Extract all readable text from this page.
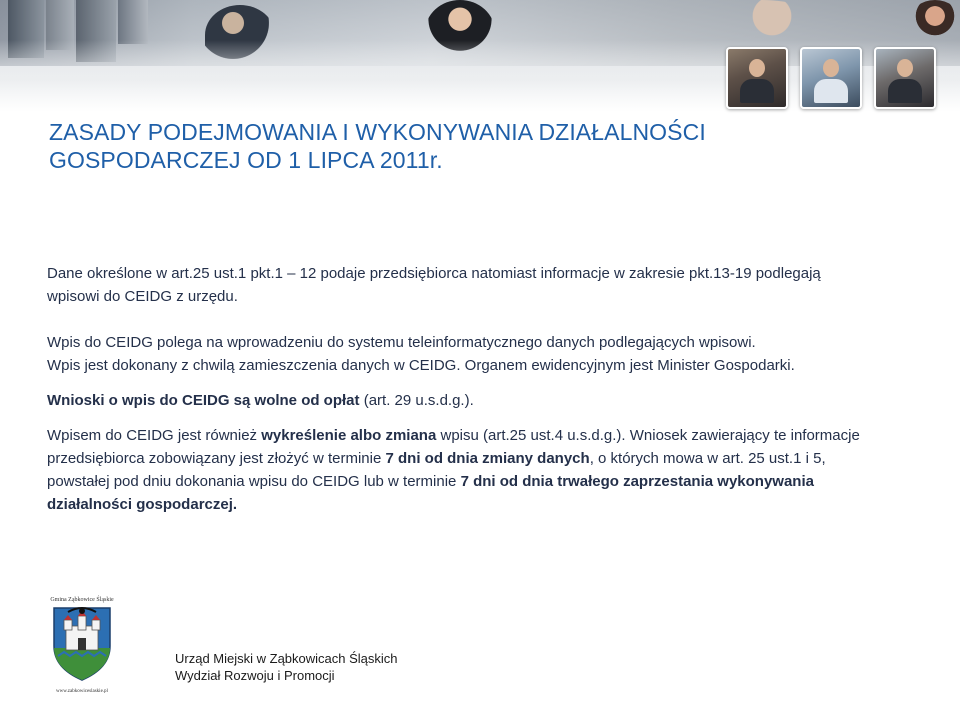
ZASADY PODEJMOWANIA I WYKONYWANIA DZIAŁALNOŚCI
GOSPODARCZEJ OD 1 LIPCA 2011r.

Dane określone w art.25 ust.1 pkt.1 – 12 podaje przedsiębiorca natomiast informacje w zakresie pkt.13-19 podlegają
wpisowi do CEIDG z urzędu.

Wpis do CEIDG polega na wprowadzeniu do systemu teleinformatycznego danych podlegających wpisowi.
Wpis jest dokonany z chwilą zamieszczenia danych w CEIDG. Organem ewidencyjnym jest Minister Gospodarki.

Wnioski o wpis do CEIDG są wolne od opłat (art. 29 u.s.d.g.).

Wpisem do CEIDG jest również wykreślenie albo zmiana wpisu (art.25 ust.4 u.s.d.g.). Wniosek zawierający te informacje
przedsiębiorca zobowiązany jest złożyć w terminie 7 dni od dnia zmiany danych, o których mowa w art. 25 ust.1 i 5,
powstałej pod dniu dokonania wpisu do CEIDG lub w terminie 7 dni od dnia trwałego zaprzestania wykonywania
działalności gospodarczej.

Gmina Ząbkowice Śląskie
www.zabkowiceslaskie.pl
Urząd Miejski w Ząbkowicach Śląskich
Wydział Rozwoju i Promocji
